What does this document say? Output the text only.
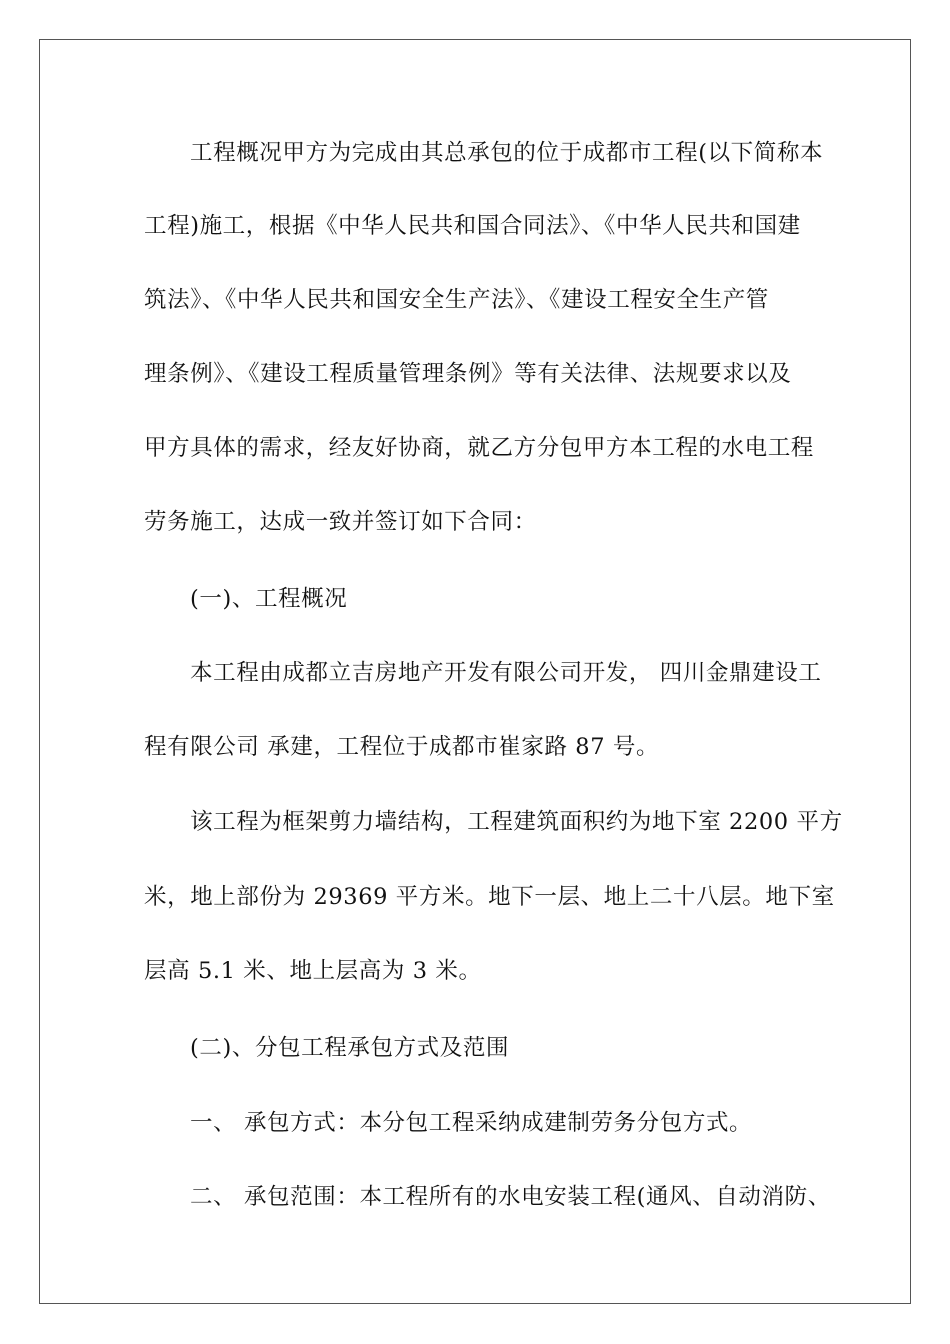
工程概况甲方为完成由其总承包的位于成都市工程(以下简称本
工程)施工，根据《中华人民共和国合同法》、《中华人民共和国建
筑法》、《中华人民共和国安全生产法》、《建设工程安全生产管
理条例》、《建设工程质量管理条例》等有关法律、法规要求以及
甲方具体的需求，经友好协商，就乙方分包甲方本工程的水电工程
劳务施工，达成一致并签订如下合同：
(一)、工程概况
本工程由成都立吉房地产开发有限公司开发， 四川金鼎建设工
程有限公司 承建，工程位于成都市崔家路 87 号。
该工程为框架剪力墙结构，工程建筑面积约为地下室 2200 平方
米，地上部份为 29369 平方米。地下一层、地上二十八层。地下室
层高 5.1 米、地上层高为 3 米。
(二)、分包工程承包方式及范围
一、 承包方式：本分包工程采纳成建制劳务分包方式。
二、 承包范围：本工程所有的水电安装工程(通风、自动消防、
